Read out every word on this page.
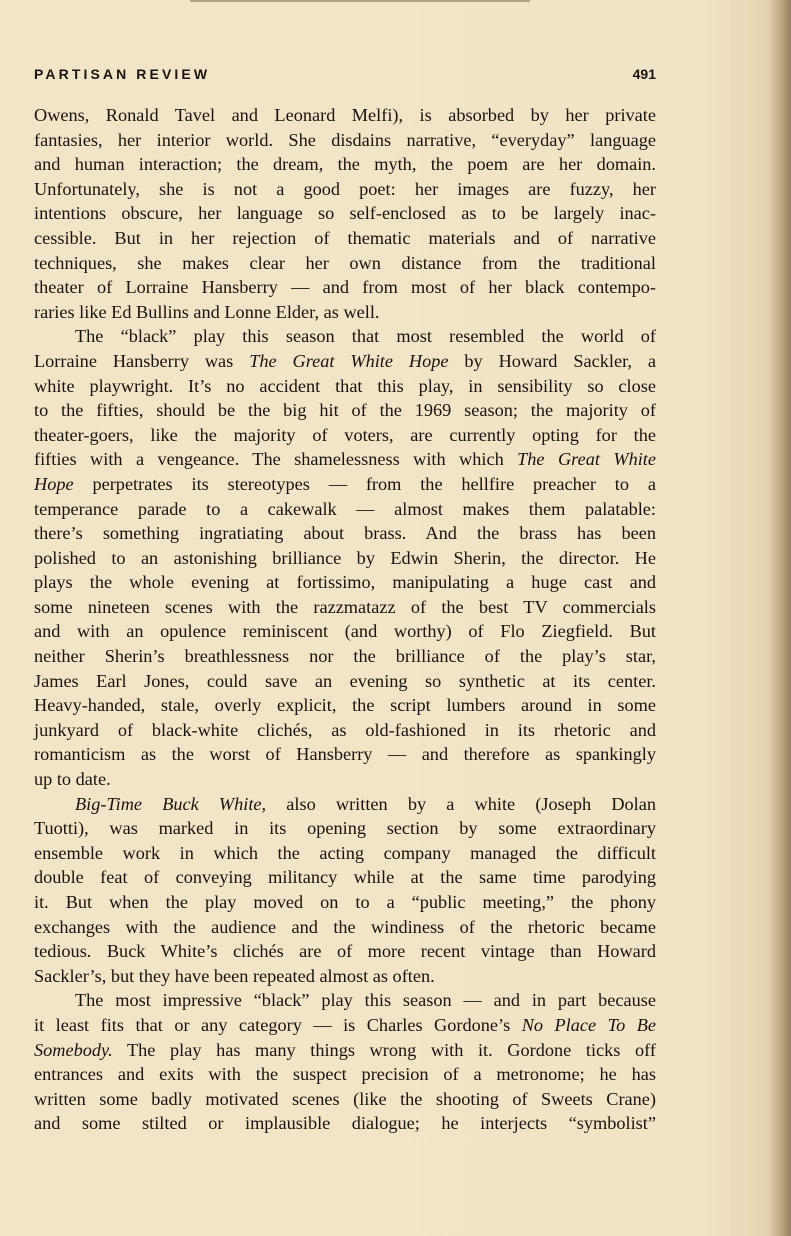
PARTISAN REVIEW	491
Owens, Ronald Tavel and Leonard Melfi), is absorbed by her private
fantasies, her interior world. She disdains narrative, “everyday” language
and human interaction; the dream, the myth, the poem are her domain.
Unfortunately, she is not a good poet: her images are fuzzy, her
intentions obscure, her language so self-enclosed as to be largely inac-
cessible. But in her rejection of thematic materials and of narrative
techniques, she makes clear her own distance from the traditional
theater of Lorraine Hansberry — and from most of her black contempo-
raries like Ed Bullins and Lonne Elder, as well.
The “black” play this season that most resembled the world of
Lorraine Hansberry was The Great White Hope by Howard Sackler, a
white playwright. It’s no accident that this play, in sensibility so close
to the fifties, should be the big hit of the 1969 season; the majority of
theater-goers, like the majority of voters, are currently opting for the
fifties with a vengeance. The shamelessness with which The Great White
Hope perpetrates its stereotypes — from the hellfire preacher to a
temperance parade to a cakewalk — almost makes them palatable:
there’s something ingratiating about brass. And the brass has been
polished to an astonishing brilliance by Edwin Sherin, the director. He
plays the whole evening at fortissimo, manipulating a huge cast and
some nineteen scenes with the razzmatazz of the best TV commercials
and with an opulence reminiscent (and worthy) of Flo Ziegfield. But
neither Sherin’s breathlessness nor the brilliance of the play’s star,
James Earl Jones, could save an evening so synthetic at its center.
Heavy-handed, stale, overly explicit, the script lumbers around in some
junkyard of black-white clichés, as old-fashioned in its rhetoric and
romanticism as the worst of Hansberry — and therefore as spankingly
up to date.
Big-Time Buck White, also written by a white (Joseph Dolan
Tuotti), was marked in its opening section by some extraordinary
ensemble work in which the acting company managed the difficult
double feat of conveying militancy while at the same time parodying
it. But when the play moved on to a “public meeting,” the phony
exchanges with the audience and the windiness of the rhetoric became
tedious. Buck White’s clichés are of more recent vintage than Howard
Sackler’s, but they have been repeated almost as often.
The most impressive “black” play this season — and in part because
it least fits that or any category — is Charles Gordone’s No Place To Be
Somebody. The play has many things wrong with it. Gordone ticks off
entrances and exits with the suspect precision of a metronome; he has
written some badly motivated scenes (like the shooting of Sweets Crane)
and some stilted or implausible dialogue; he interjects “symbolist”
